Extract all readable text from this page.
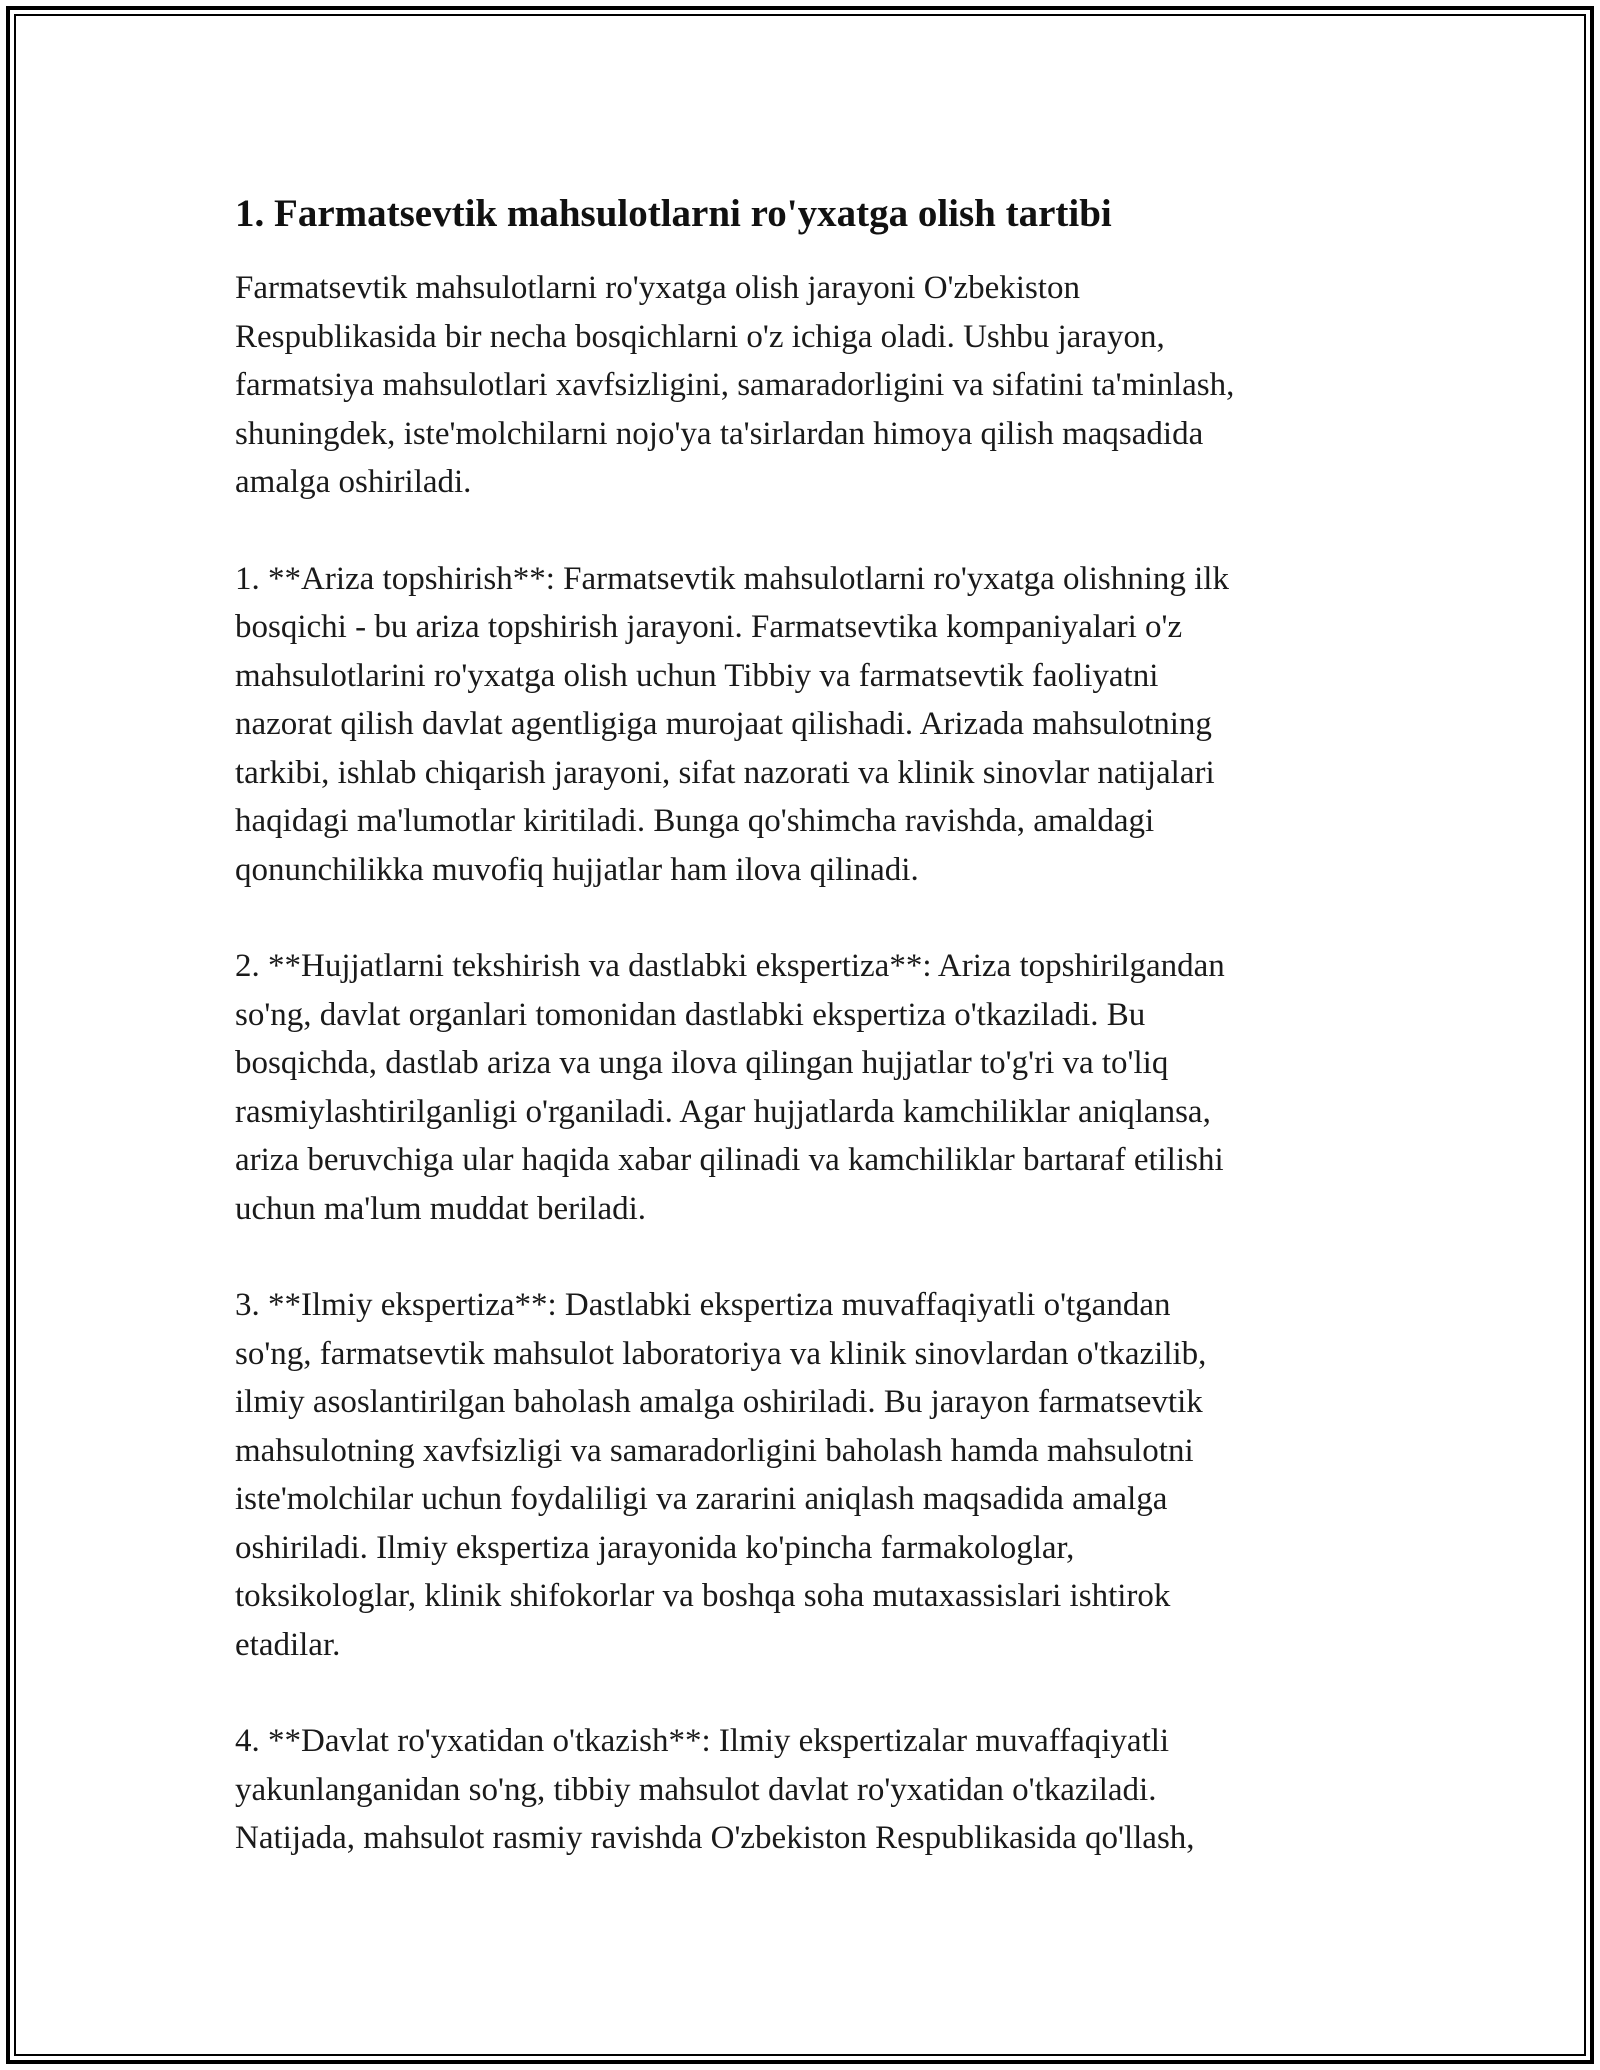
1. Farmatsevtik mahsulotlarni ro'yxatga olish tartibi

Farmatsevtik mahsulotlarni ro'yxatga olish jarayoni O'zbekiston
Respublikasida bir necha bosqichlarni o'z ichiga oladi. Ushbu jarayon,
farmatsiya mahsulotlari xavfsizligini, samaradorligini va sifatini ta'minlash,
shuningdek, iste'molchilarni nojo'ya ta'sirlardan himoya qilish maqsadida
amalga oshiriladi.

1. **Ariza topshirish**: Farmatsevtik mahsulotlarni ro'yxatga olishning ilk
bosqichi - bu ariza topshirish jarayoni. Farmatsevtika kompaniyalari o'z
mahsulotlarini ro'yxatga olish uchun Tibbiy va farmatsevtik faoliyatni
nazorat qilish davlat agentligiga murojaat qilishadi. Arizada mahsulotning
tarkibi, ishlab chiqarish jarayoni, sifat nazorati va klinik sinovlar natijalari
haqidagi ma'lumotlar kiritiladi. Bunga qo'shimcha ravishda, amaldagi
qonunchilikka muvofiq hujjatlar ham ilova qilinadi.

2. **Hujjatlarni tekshirish va dastlabki ekspertiza**: Ariza topshirilgandan
so'ng, davlat organlari tomonidan dastlabki ekspertiza o'tkaziladi. Bu
bosqichda, dastlab ariza va unga ilova qilingan hujjatlar to'g'ri va to'liq
rasmiylashtirilganligi o'rganiladi. Agar hujjatlarda kamchiliklar aniqlansa,
ariza beruvchiga ular haqida xabar qilinadi va kamchiliklar bartaraf etilishi
uchun ma'lum muddat beriladi.

3. **Ilmiy ekspertiza**: Dastlabki ekspertiza muvaffaqiyatli o'tgandan
so'ng, farmatsevtik mahsulot laboratoriya va klinik sinovlardan o'tkazilib,
ilmiy asoslantirilgan baholash amalga oshiriladi. Bu jarayon farmatsevtik
mahsulotning xavfsizligi va samaradorligini baholash hamda mahsulotni
iste'molchilar uchun foydaliligi va zararini aniqlash maqsadida amalga
oshiriladi. Ilmiy ekspertiza jarayonida ko'pincha farmakologlar,
toksikologlar, klinik shifokorlar va boshqa soha mutaxassislari ishtirok
etadilar.

4. **Davlat ro'yxatidan o'tkazish**: Ilmiy ekspertizalar muvaffaqiyatli
yakunlanganidan so'ng, tibbiy mahsulot davlat ro'yxatidan o'tkaziladi.
Natijada, mahsulot rasmiy ravishda O'zbekiston Respublikasida qo'llash,
